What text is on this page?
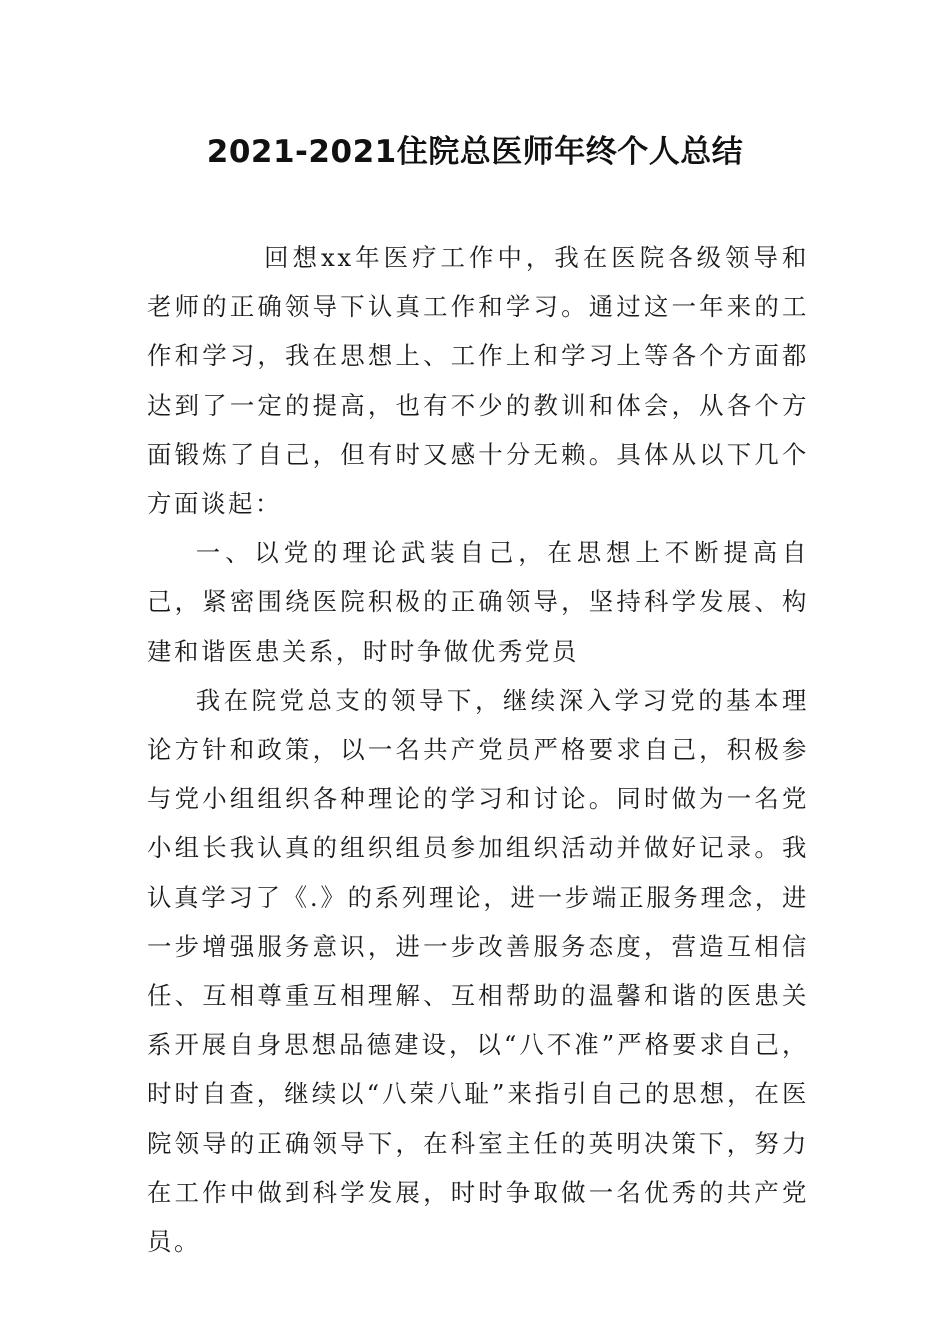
2021-2021住院总医师年终个人总结

回想xx年医疗工作中，我在医院各级领导和老师的正确领导下认真工作和学习。通过这一年来的工作和学习，我在思想上、工作上和学习上等各个方面都达到了一定的提高，也有不少的教训和体会，从各个方面锻炼了自己，但有时又感十分无赖。具体从以下几个方面谈起：

一、以党的理论武装自己，在思想上不断提高自己，紧密围绕医院积极的正确领导，坚持科学发展、构建和谐医患关系，时时争做优秀党员

我在院党总支的领导下，继续深入学习党的基本理论方针和政策，以一名共产党员严格要求自己，积极参与党小组组织各种理论的学习和讨论。同时做为一名党小组长我认真的组织组员参加组织活动并做好记录。我认真学习了《.》的系列理论，进一步端正服务理念，进一步增强服务意识，进一步改善服务态度，营造互相信任、互相尊重互相理解、互相帮助的温馨和谐的医患关系开展自身思想品德建设，以“八不准”严格要求自己，时时自查，继续以“八荣八耻”来指引自己的思想，在医院领导的正确领导下，在科室主任的英明决策下，努力在工作中做到科学发展，时时争取做一名优秀的共产党员。
